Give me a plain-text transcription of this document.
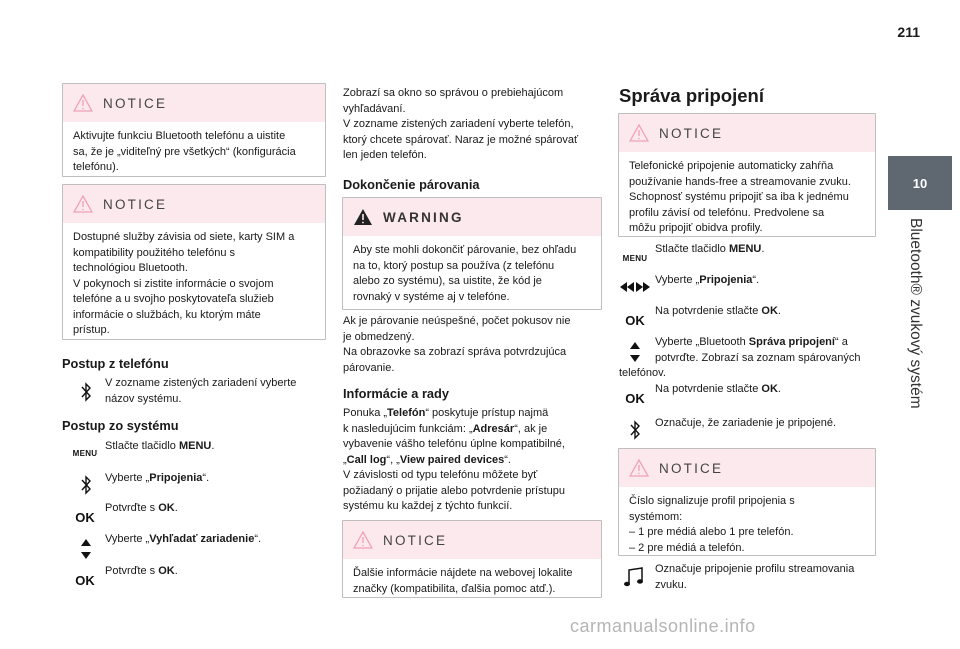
211
10
Bluetooth® zvukový systém
NOTICE
Aktivujte funkciu Bluetooth telefónu a uistite
sa, že je „viditeľný pre všetkých“ (konfigurácia
telefónu).
NOTICE
Dostupné služby závisia od siete, karty SIM a
kompatibility použitého telefónu s
technológiou Bluetooth.
V pokynoch si zistite informácie o svojom
telefóne a u svojho poskytovateľa služieb
informácie o službách, ku ktorým máte
prístup.
Postup z telefónu
V zozname zistených zariadení vyberte
názov systému.
Postup zo systému
MENU
Stlačte tlačidlo MENU.
Vyberte „Pripojenia“.
OK
Potvrďte s OK.
Vyberte „Vyhľadať zariadenie“.
OK
Potvrďte s OK.
Zobrazí sa okno so správou o prebiehajúcom
vyhľadávaní.
V zozname zistených zariadení vyberte telefón,
ktorý chcete spárovať. Naraz je možné spárovať
len jeden telefón.
Dokončenie párovania
WARNING
Aby ste mohli dokončiť párovanie, bez ohľadu
na to, ktorý postup sa používa (z telefónu
alebo zo systému), sa uistite, že kód je
rovnaký v systéme aj v telefóne.
Ak je párovanie neúspešné, počet pokusov nie
je obmedzený.
Na obrazovke sa zobrazí správa potvrdzujúca
párovanie.
Informácie a rady
Ponuka „Telefón“ poskytuje prístup najmä
k nasledujúcim funkciám: „Adresár“, ak je
vybavenie vášho telefónu úplne kompatibilné,
„Call log“, „View paired devices“.
V závislosti od typu telefónu môžete byť
požiadaný o prijatie alebo potvrdenie prístupu
systému ku každej z týchto funkcií.
NOTICE
Ďalšie informácie nájdete na webovej lokalite
značky (kompatibilita, ďalšia pomoc atď.).
Správa pripojení
NOTICE
Telefonické pripojenie automaticky zahŕňa
používanie hands-free a streamovanie zvuku.
Schopnosť systému pripojiť sa iba k jednému
profilu závisí od telefónu. Predvolene sa
môžu pripojiť obidva profily.
MENU
Stlačte tlačidlo MENU.
Vyberte „Pripojenia“.
OK
Na potvrdenie stlačte OK.
Vyberte „Bluetooth Správa pripojení“ a
potvrďte. Zobrazí sa zoznam spárovaných
telefónov.
OK
Na potvrdenie stlačte OK.
Označuje, že zariadenie je pripojené.
NOTICE
Číslo signalizuje profil pripojenia s
systémom:
– 1 pre médiá alebo 1 pre telefón.
– 2 pre médiá a telefón.
Označuje pripojenie profilu streamovania
zvuku.
carmanualsonline.info
